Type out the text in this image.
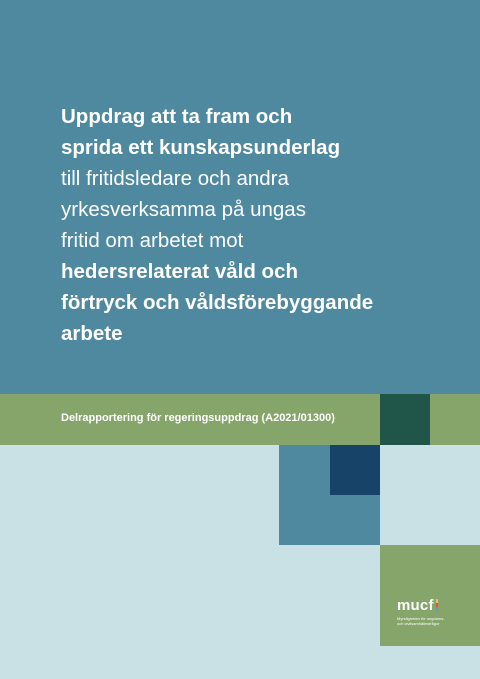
Uppdrag att ta fram och
sprida ett kunskapsunderlag
till fritidsledare och andra
yrkesverksamma på ungas
fritid om arbetet mot
hedersrelaterat våld och
förtryck och våldsförebyggande
arbete
Delrapportering för regeringsuppdrag (A2021/01300)
mucf
Myndigheten för ungdoms-
och civilsamhällesfrågor
